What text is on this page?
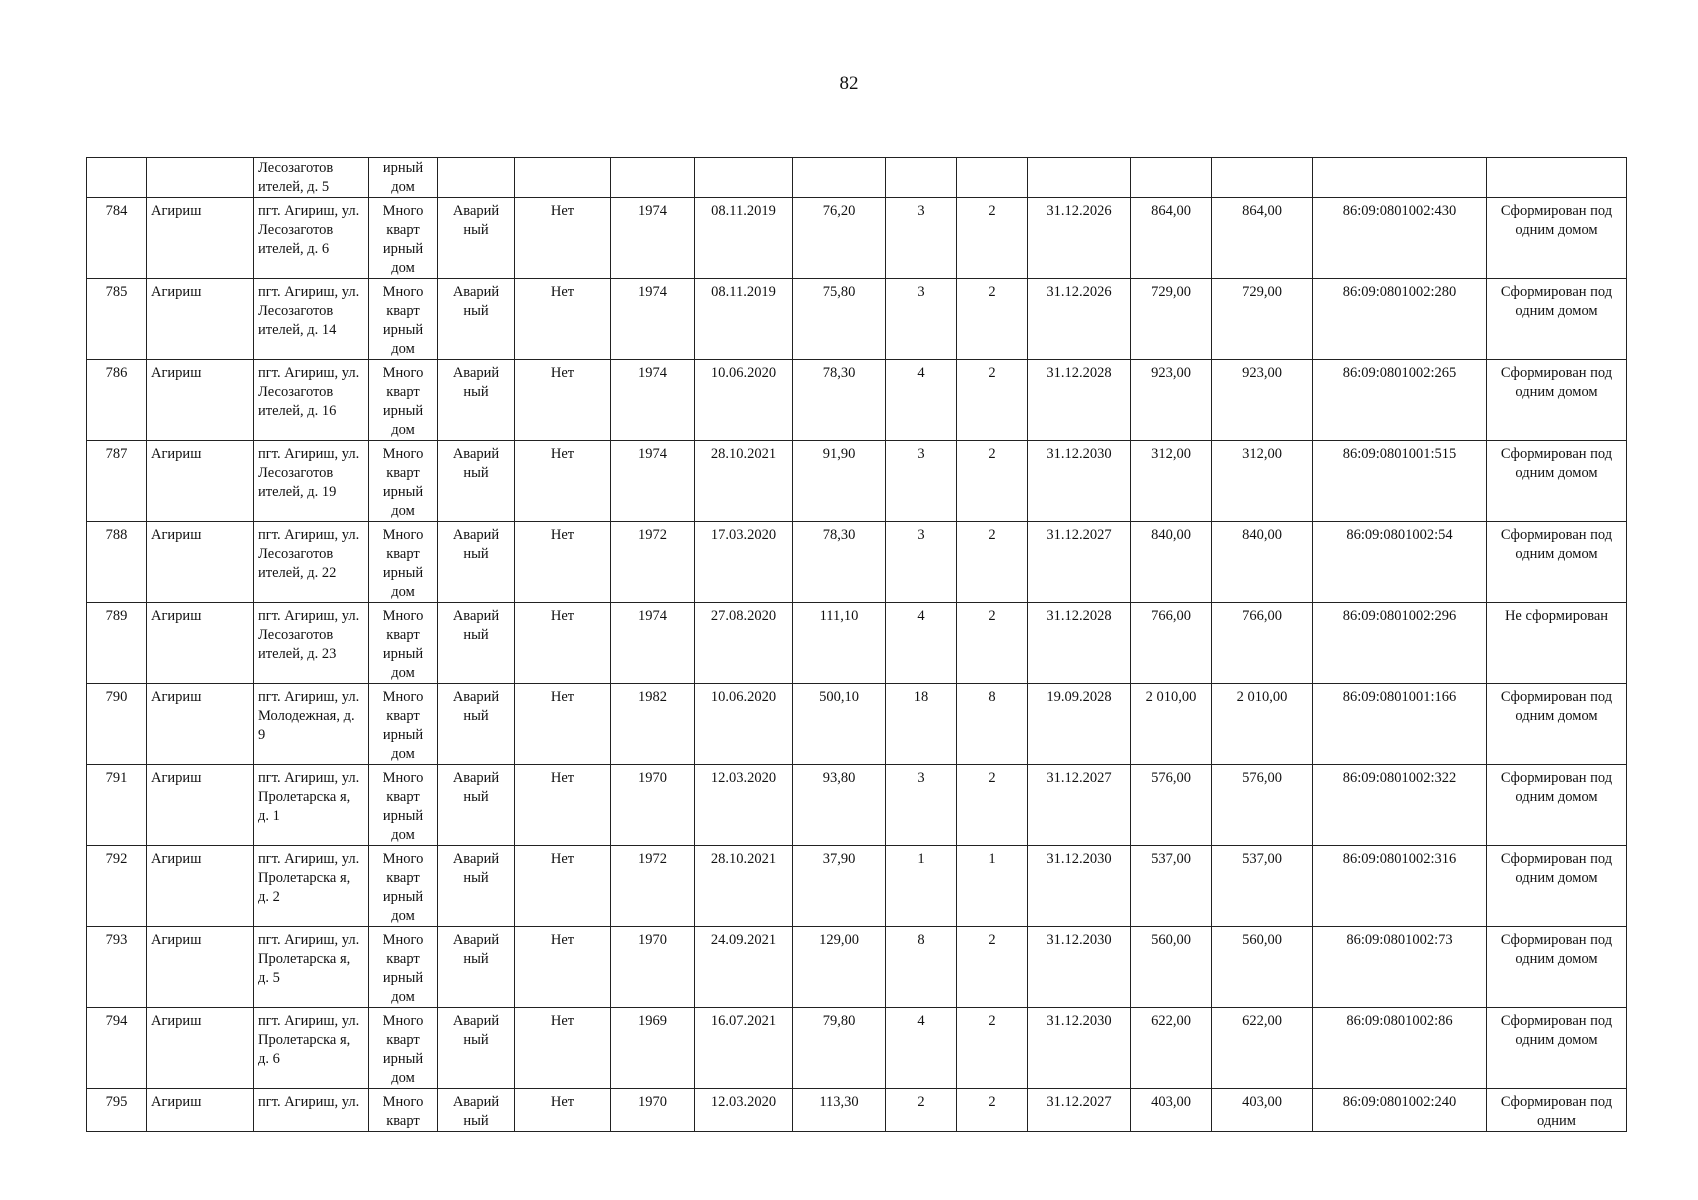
82
		Лесозаготов ителей, д. 5	ирный дом												
784	Агириш	пгт. Агириш, ул. Лесозаготов ителей, д. 6	Много кварт ирный дом	Аварий ный	Нет	1974	08.11.2019	76,20	3	2	31.12.2026	864,00	864,00	86:09:0801002:430	Сформирован под одним домом
785	Агириш	пгт. Агириш, ул. Лесозаготов ителей, д. 14	Много кварт ирный дом	Аварий ный	Нет	1974	08.11.2019	75,80	3	2	31.12.2026	729,00	729,00	86:09:0801002:280	Сформирован под одним домом
786	Агириш	пгт. Агириш, ул. Лесозаготов ителей, д. 16	Много кварт ирный дом	Аварий ный	Нет	1974	10.06.2020	78,30	4	2	31.12.2028	923,00	923,00	86:09:0801002:265	Сформирован под одним домом
787	Агириш	пгт. Агириш, ул. Лесозаготов ителей, д. 19	Много кварт ирный дом	Аварий ный	Нет	1974	28.10.2021	91,90	3	2	31.12.2030	312,00	312,00	86:09:0801001:515	Сформирован под одним домом
788	Агириш	пгт. Агириш, ул. Лесозаготов ителей, д. 22	Много кварт ирный дом	Аварий ный	Нет	1972	17.03.2020	78,30	3	2	31.12.2027	840,00	840,00	86:09:0801002:54	Сформирован под одним домом
789	Агириш	пгт. Агириш, ул. Лесозаготов ителей, д. 23	Много кварт ирный дом	Аварий ный	Нет	1974	27.08.2020	111,10	4	2	31.12.2028	766,00	766,00	86:09:0801002:296	Не сформирован
790	Агириш	пгт. Агириш, ул. Молодежная, д. 9	Много кварт ирный дом	Аварий ный	Нет	1982	10.06.2020	500,10	18	8	19.09.2028	2 010,00	2 010,00	86:09:0801001:166	Сформирован под одним домом
791	Агириш	пгт. Агириш, ул. Пролетарска я, д. 1	Много кварт ирный дом	Аварий ный	Нет	1970	12.03.2020	93,80	3	2	31.12.2027	576,00	576,00	86:09:0801002:322	Сформирован под одним домом
792	Агириш	пгт. Агириш, ул. Пролетарска я, д. 2	Много кварт ирный дом	Аварий ный	Нет	1972	28.10.2021	37,90	1	1	31.12.2030	537,00	537,00	86:09:0801002:316	Сформирован под одним домом
793	Агириш	пгт. Агириш, ул. Пролетарска я, д. 5	Много кварт ирный дом	Аварий ный	Нет	1970	24.09.2021	129,00	8	2	31.12.2030	560,00	560,00	86:09:0801002:73	Сформирован под одним домом
794	Агириш	пгт. Агириш, ул. Пролетарска я, д. 6	Много кварт ирный дом	Аварий ный	Нет	1969	16.07.2021	79,80	4	2	31.12.2030	622,00	622,00	86:09:0801002:86	Сформирован под одним домом
795	Агириш	пгт. Агириш, ул.	Много кварт	Аварий ный	Нет	1970	12.03.2020	113,30	2	2	31.12.2027	403,00	403,00	86:09:0801002:240	Сформирован под одним
